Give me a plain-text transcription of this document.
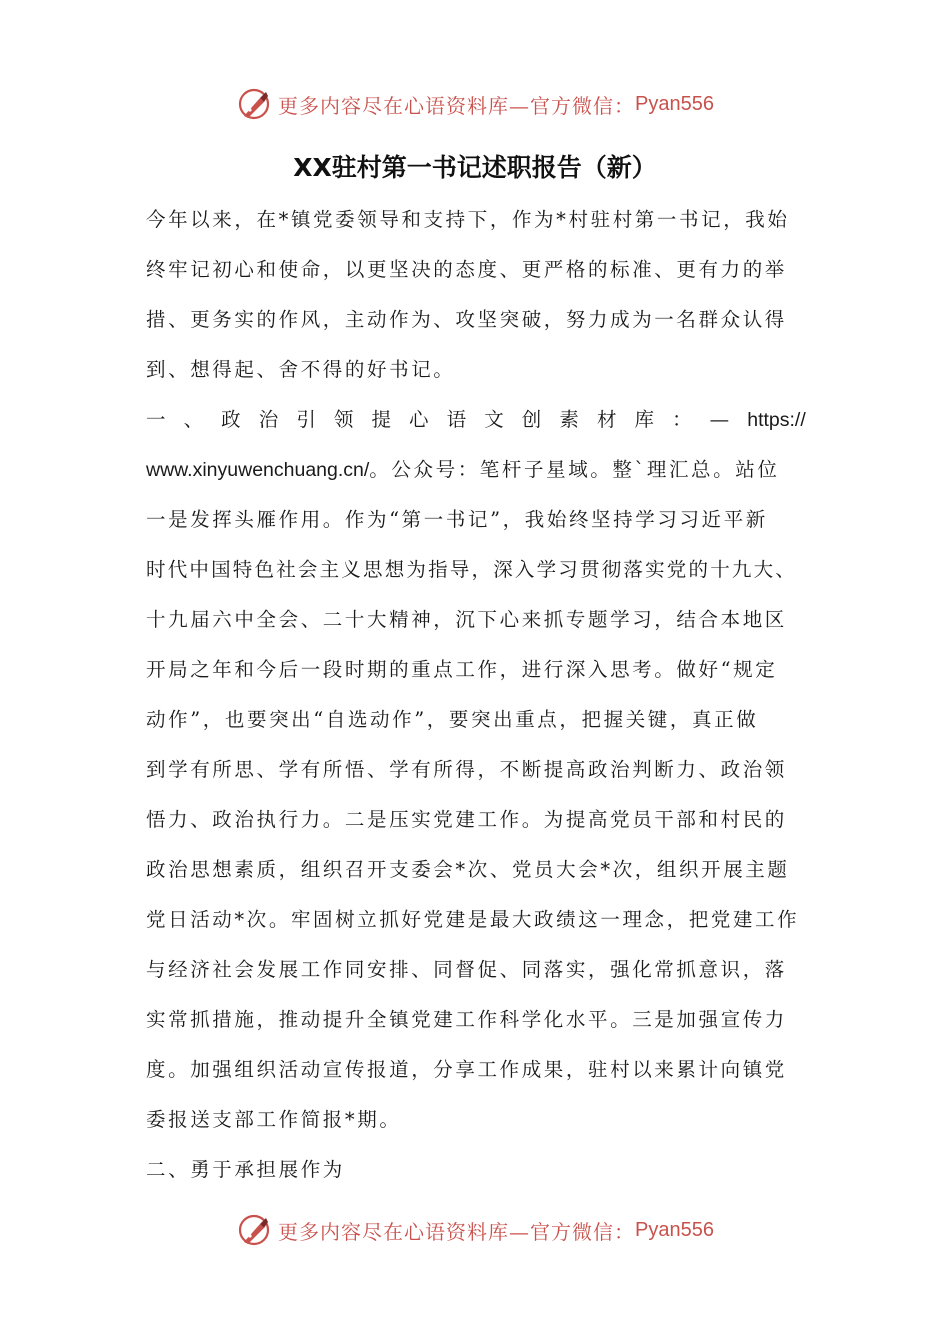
更多内容尽在心语资料库—官方微信： Pyan556
XX驻村第一书记述职报告（新）
今年以来，在*镇党委领导和支持下，作为*村驻村第一书记，我始
终牢记初心和使命，以更坚决的态度、更严格的标准、更有力的举
措、更务实的作风，主动作为、攻坚突破，努力成为一名群众认得
到、想得起、舍不得的好书记。
一 、 政 治 引 领 提 心 语 文 创 素 材 库 ： — https://
www.xinyuwenchuang.cn/。公众号：笔杆子星域。整`理汇总。站位
一是发挥头雁作用。作为“第一书记”，我始终坚持学习习近平新
时代中国特色社会主义思想为指导，深入学习贯彻落实党的十九大、
十九届六中全会、二十大精神，沉下心来抓专题学习，结合本地区
开局之年和今后一段时期的重点工作，进行深入思考。做好“规定
动作”，也要突出“自选动作”，要突出重点，把握关键，真正做
到学有所思、学有所悟、学有所得，不断提高政治判断力、政治领
悟力、政治执行力。二是压实党建工作。为提高党员干部和村民的
政治思想素质，组织召开支委会*次、党员大会*次，组织开展主题
党日活动*次。牢固树立抓好党建是最大政绩这一理念，把党建工作
与经济社会发展工作同安排、同督促、同落实，强化常抓意识，落
实常抓措施，推动提升全镇党建工作科学化水平。三是加强宣传力
度。加强组织活动宣传报道，分享工作成果，驻村以来累计向镇党
委报送支部工作简报*期。
二、勇于承担展作为
更多内容尽在心语资料库—官方微信： Pyan556
